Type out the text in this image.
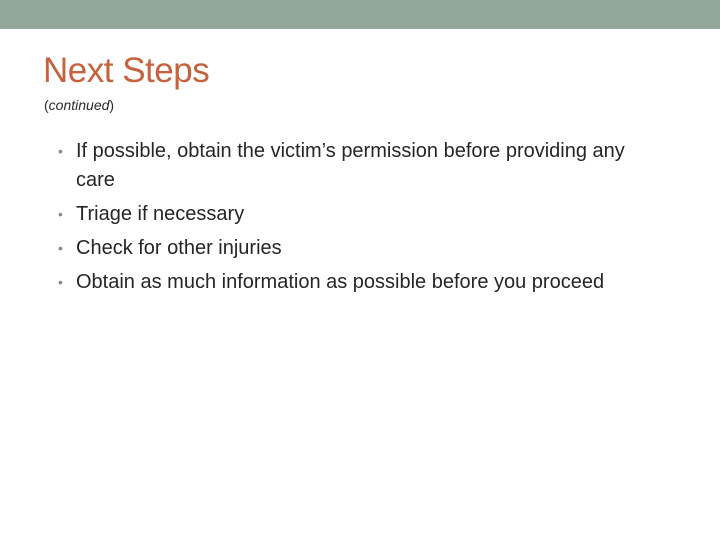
Next Steps

(continued)

• If possible, obtain the victim’s permission before providing any care
• Triage if necessary
• Check for other injuries
• Obtain as much information as possible before you proceed
